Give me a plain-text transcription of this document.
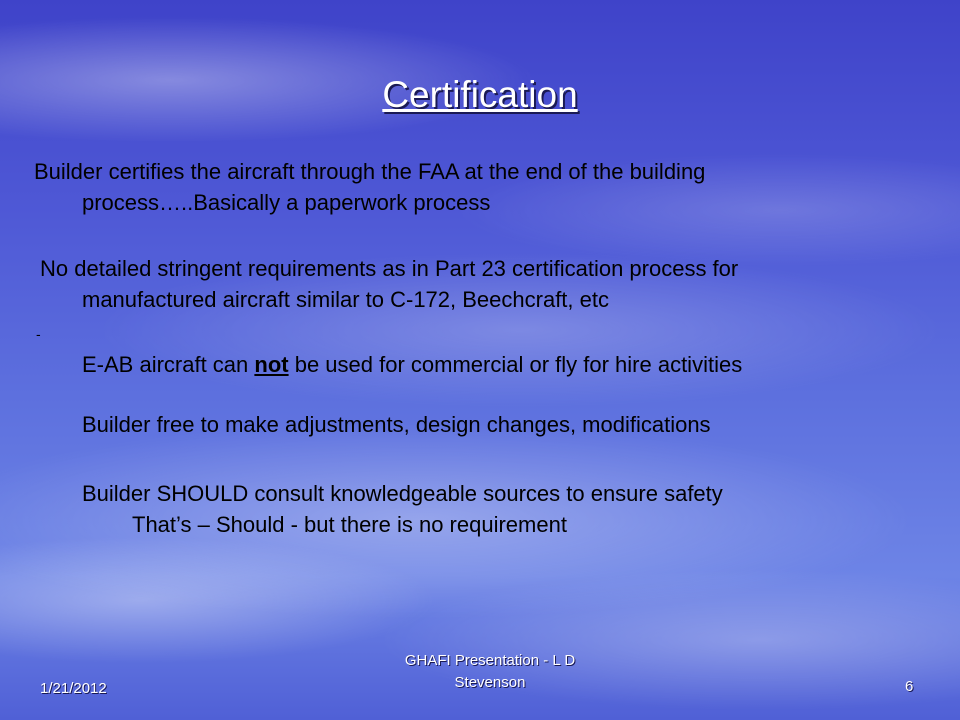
Certification
Builder certifies the aircraft through the FAA at the end of the building
process…..Basically a paperwork process
No detailed stringent requirements as in Part 23 certification process for
manufactured aircraft similar to C-172, Beechcraft, etc
-
E-AB aircraft can not be used for commercial or fly for hire activities
Builder free to make adjustments, design changes, modifications
Builder SHOULD consult knowledgeable sources to ensure safety
That’s – Should - but there is no requirement
1/21/2012
GHAFI Presentation - L D Stevenson	6
